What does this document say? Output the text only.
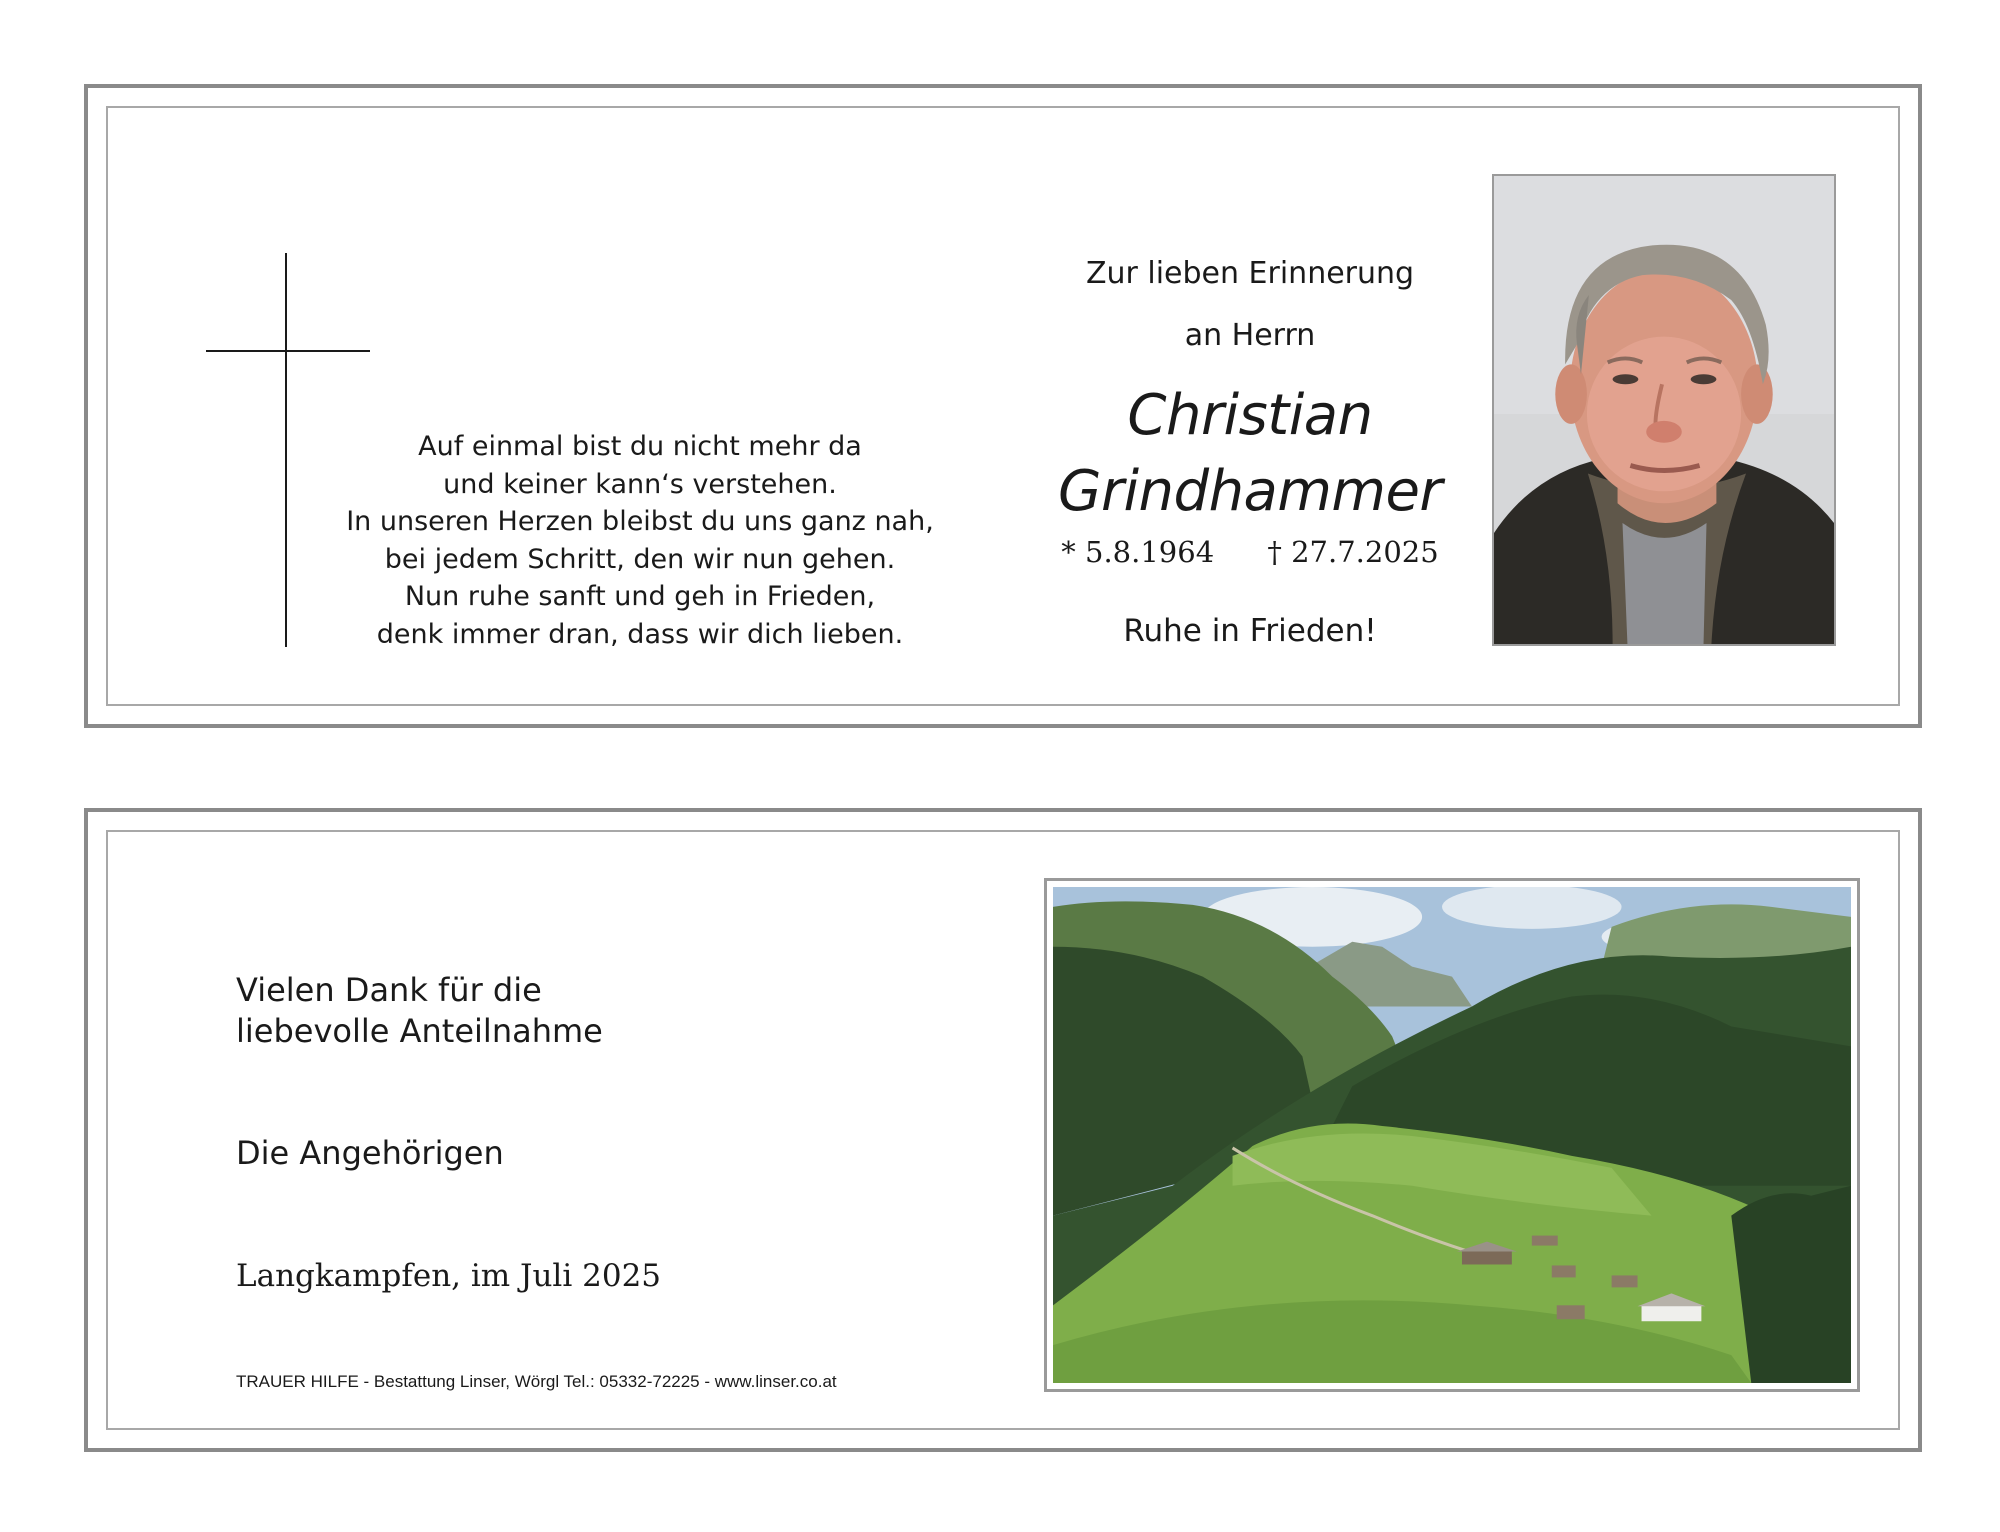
Auf einmal bist du nicht mehr da
und keiner kann‘s verstehen.
In unseren Herzen bleibst du uns ganz nah,
bei jedem Schritt, den wir nun gehen.
Nun ruhe sanft und geh in Frieden,
denk immer dran, dass wir dich lieben.
Zur lieben Erinnerung
an Herrn
Christian
Grindhammer
* 5.8.1964 † 27.7.2025
Ruhe in Frieden!
Vielen Dank für die
liebevolle Anteilnahme
Die Angehörigen
Langkampfen, im Juli 2025
TRAUER HILFE - Bestattung Linser, Wörgl Tel.: 05332-72225 - www.linser.co.at
